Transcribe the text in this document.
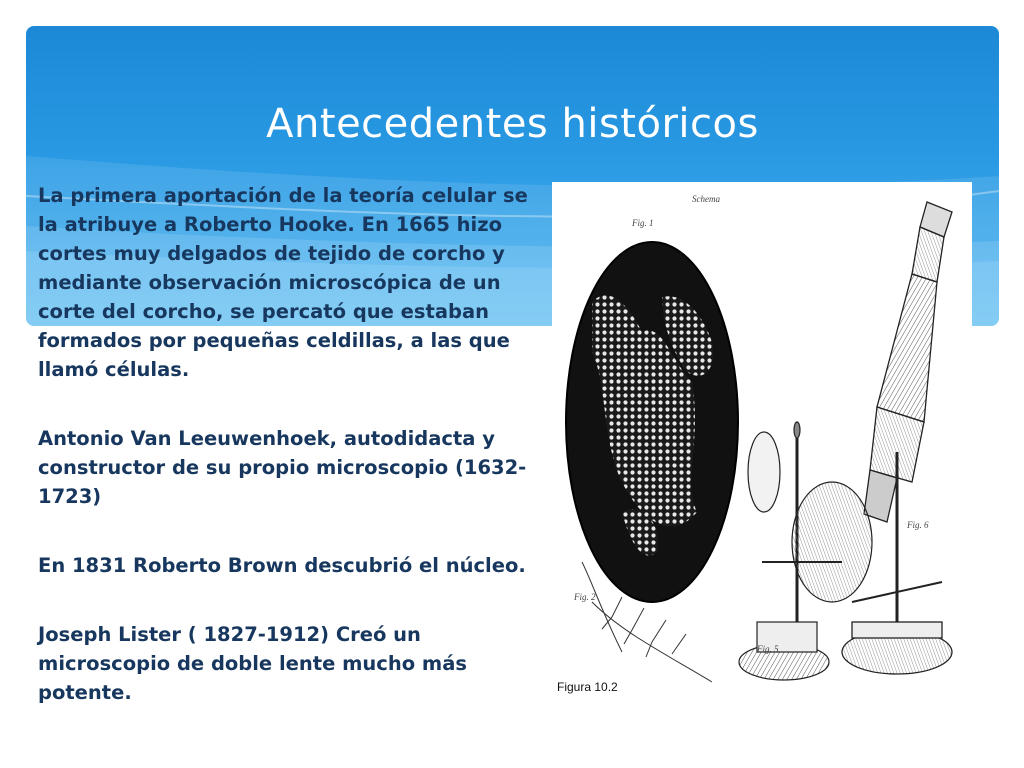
Antecedentes históricos

La primera aportación de la teoría celular se la atribuye a Roberto Hooke. En 1665 hizo cortes muy delgados de tejido de corcho y mediante observación microscópica de un corte del corcho, se percató que estaban formados por pequeñas celdillas, a las que llamó células.

Antonio Van Leeuwenhoek, autodidacta y constructor de su propio microscopio (1632-1723)

En 1831 Roberto Brown descubrió el núcleo.

Joseph Lister ( 1827-1912) Creó un microscopio de doble lente mucho más potente.

Schema
Fig. 1
Fig. 2
Fig. 5
Fig. 6
Figura 10.2
